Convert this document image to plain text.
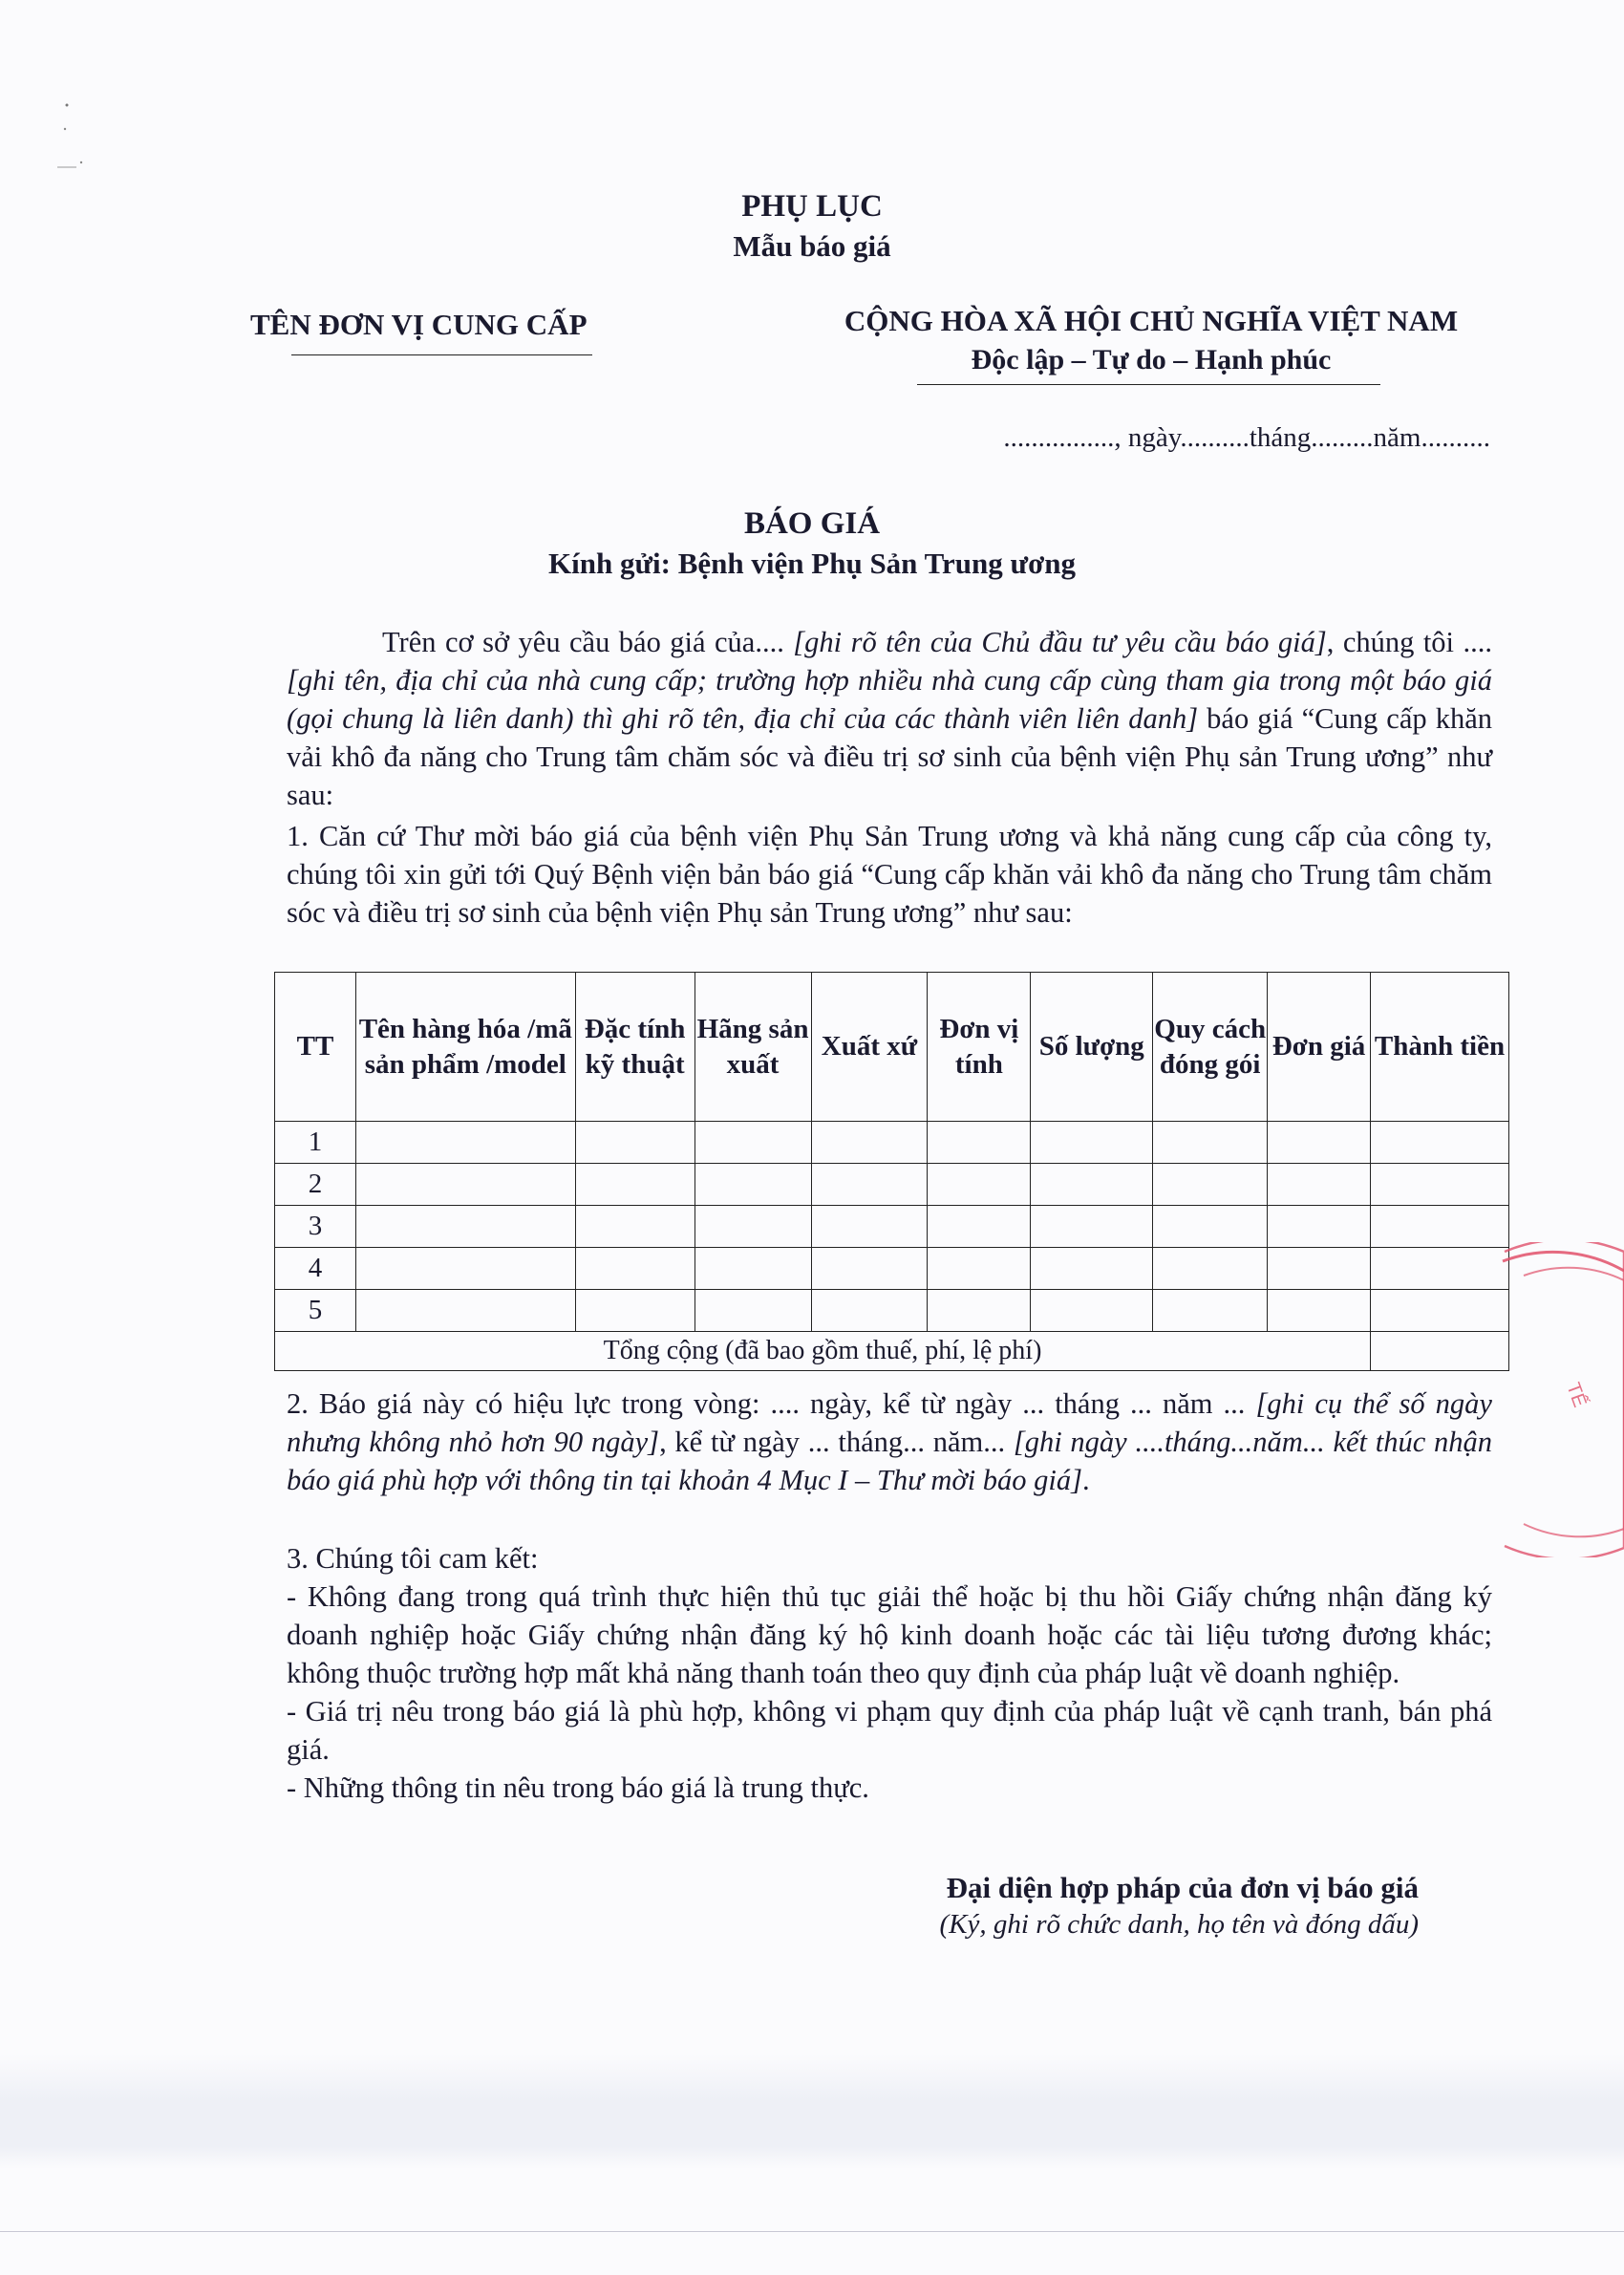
PHỤ LỤC
Mẫu báo giá
TÊN ĐƠN VỊ CUNG CẤP	CỘNG HÒA XÃ HỘI CHỦ NGHĨA VIỆT NAM
Độc lập – Tự do – Hạnh phúc
................, ngày..........tháng.........năm..........
BÁO GIÁ
Kính gửi: Bệnh viện Phụ Sản Trung ương
Trên cơ sở yêu cầu báo giá của.... [ghi rõ tên của Chủ đầu tư yêu cầu báo giá], chúng tôi .... [ghi tên, địa chỉ của nhà cung cấp; trường hợp nhiều nhà cung cấp cùng tham gia trong một báo giá (gọi chung là liên danh) thì ghi rõ tên, địa chỉ của các thành viên liên danh] báo giá “Cung cấp khăn vải khô đa năng cho Trung tâm chăm sóc và điều trị sơ sinh của bệnh viện Phụ sản Trung ương” như sau:
1. Căn cứ Thư mời báo giá của bệnh viện Phụ Sản Trung ương và khả năng cung cấp của công ty, chúng tôi xin gửi tới Quý Bệnh viện bản báo giá “Cung cấp khăn vải khô đa năng cho Trung tâm chăm sóc và điều trị sơ sinh của bệnh viện Phụ sản Trung ương” như sau:
TT	Tên hàng hóa /mã sản phẩm /model	Đặc tính kỹ thuật	Hãng sản xuất	Xuất xứ	Đơn vị tính	Số lượng	Quy cách đóng gói	Đơn giá	Thành tiền
1									
2									
3									
4									
5									
Tổng cộng (đã bao gồm thuế, phí, lệ phí)									
2. Báo giá này có hiệu lực trong vòng: .... ngày, kể từ ngày ... tháng ... năm ... [ghi cụ thể số ngày nhưng không nhỏ hơn 90 ngày], kể từ ngày ... tháng... năm... [ghi ngày ....tháng...năm... kết thúc nhận báo giá phù hợp với thông tin tại khoản 4 Mục I – Thư mời báo giá].
3. Chúng tôi cam kết:
- Không đang trong quá trình thực hiện thủ tục giải thể hoặc bị thu hồi Giấy chứng nhận đăng ký doanh nghiệp hoặc Giấy chứng nhận đăng ký hộ kinh doanh hoặc các tài liệu tương đương khác; không thuộc trường hợp mất khả năng thanh toán theo quy định của pháp luật về doanh nghiệp.
- Giá trị nêu trong báo giá là phù hợp, không vi phạm quy định của pháp luật về cạnh tranh, bán phá giá.
- Những thông tin nêu trong báo giá là trung thực.
Đại diện hợp pháp của đơn vị báo giá
(Ký, ghi rõ chức danh, họ tên và đóng dấu)
TẾ
